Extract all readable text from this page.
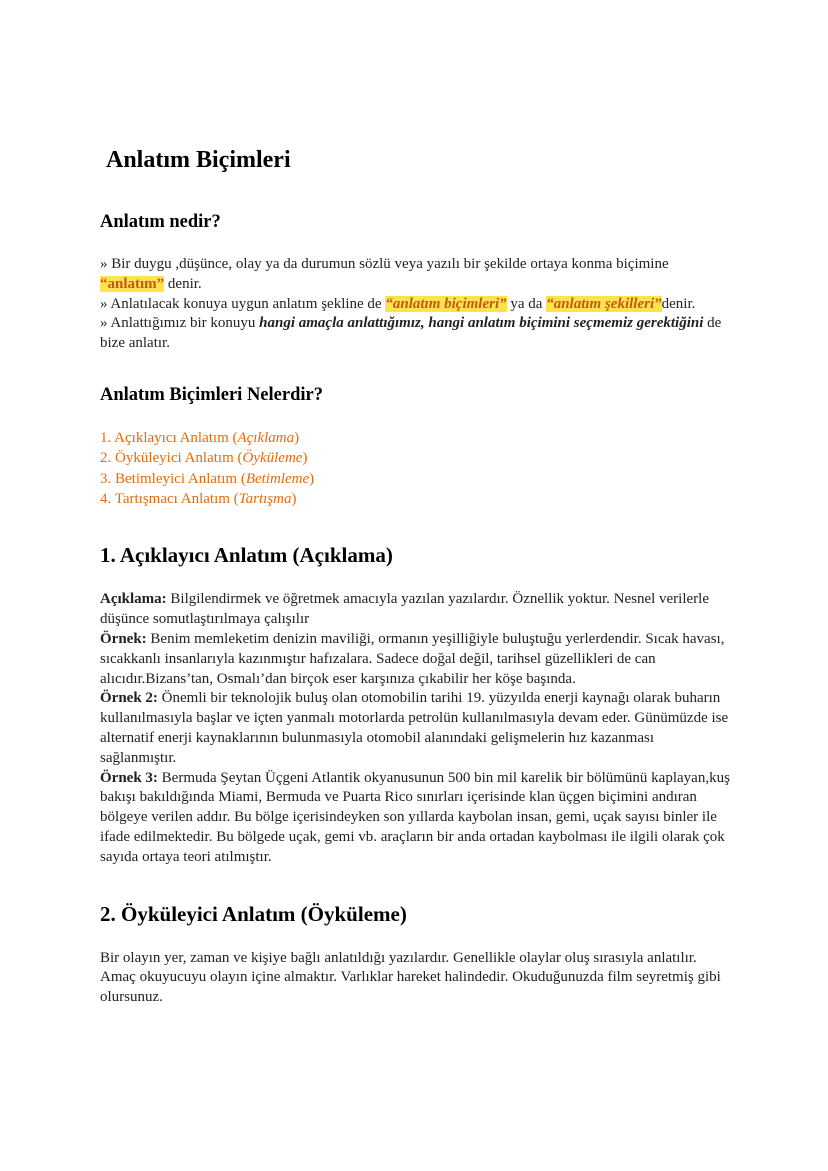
Anlatım Biçimleri
Anlatım nedir?

» Bir duygu ,düşünce, olay ya da durumun sözlü veya yazılı bir şekilde ortaya konma biçimine “anlatım” denir.

» Anlatılacak konuya uygun anlatım şekline de “anlatım biçimleri” ya da “anlatım şekilleri”denir.

» Anlattığımız bir konuyu hangi amaçla anlattığımız, hangi anlatım biçimini seçmemiz gerektiğini de bize anlatır.

Anlatım Biçimleri Nelerdir?

1. Açıklayıcı Anlatım (Açıklama)

2. Öyküleyici Anlatım (Öyküleme)

3. Betimleyici Anlatım (Betimleme)

4. Tartışmacı Anlatım (Tartışma)

1. Açıklayıcı Anlatım (Açıklama)

Açıklama: Bilgilendirmek ve öğretmek amacıyla yazılan yazılardır. Öznellik yoktur. Nesnel verilerle düşünce somutlaştırılmaya çalışılır

Örnek: Benim memleketim denizin maviliği, ormanın yeşilliğiyle buluştuğu yerlerdendir. Sıcak havası, sıcakkanlı insanlarıyla kazınmıştır hafızalara. Sadece doğal değil, tarihsel güzellikleri de can alıcıdır.Bizans’tan, Osmalı’dan birçok eser karşınıza çıkabilir her köşe başında.

Örnek 2: Önemli bir teknolojik buluş olan otomobilin tarihi 19. yüzyılda enerji kaynağı olarak buharın kullanılmasıyla başlar ve içten yanmalı motorlarda petrolün kullanılmasıyla devam eder. Günümüzde ise alternatif enerji kaynaklarının bulunmasıyla otomobil alanındaki gelişmelerin hız kazanması sağlanmıştır.

Örnek 3: Bermuda Şeytan Üçgeni Atlantik okyanusunun 500 bin mil karelik bir bölümünü kaplayan,kuş bakışı bakıldığında Miami, Bermuda ve Puarta Rico sınırları içerisinde klan üçgen biçimini andıran bölgeye verilen addır. Bu bölge içerisindeyken son yıllarda kaybolan insan, gemi, uçak sayısı binler ile ifade edilmektedir. Bu bölgede uçak, gemi vb. araçların bir anda ortadan kaybolması ile ilgili olarak çok sayıda ortaya teori atılmıştır.

2. Öyküleyici Anlatım (Öyküleme)

Bir olayın yer, zaman ve kişiye bağlı anlatıldığı yazılardır. Genellikle olaylar oluş sırasıyla anlatılır. Amaç okuyucuyu olayın içine almaktır. Varlıklar hareket halindedir. Okuduğunuzda film seyretmiş gibi olursunuz.
